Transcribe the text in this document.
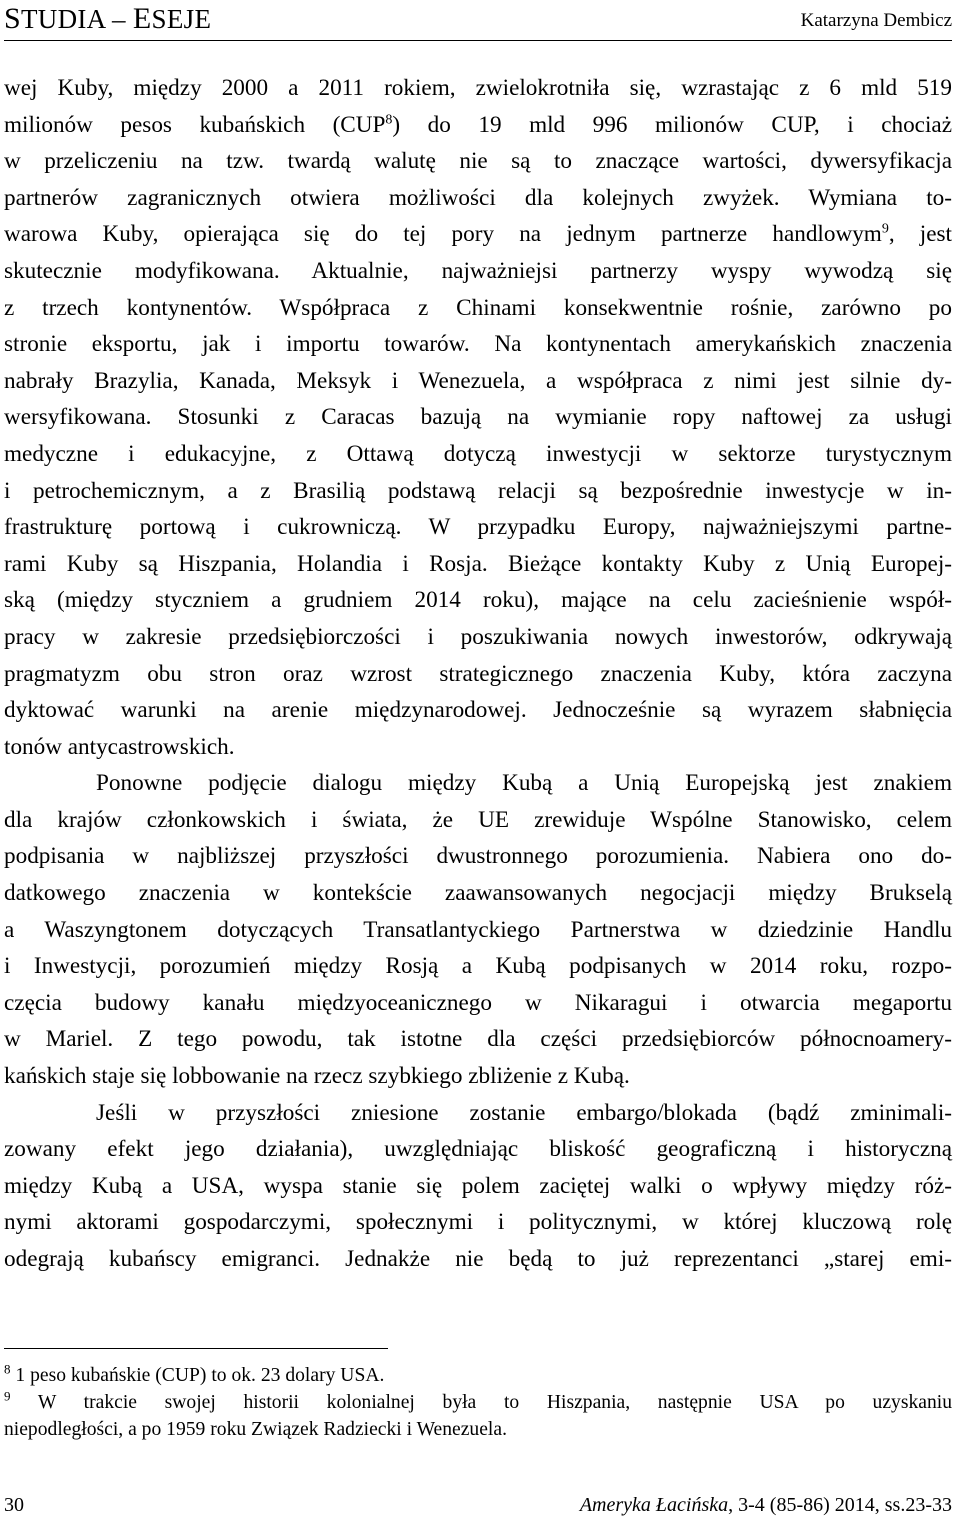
STUDIA – ESEJE	Katarzyna Dembicz

wej Kuby, między 2000 a 2011 rokiem, zwielokrotniła się, wzrastając z 6 mld 519
milionów pesos kubańskich (CUP$^8$) do 19 mld 996 milionów CUP, i chociaż
w przeliczeniu na tzw. twardą walutę nie są to znaczące wartości, dywersyfikacja
partnerów zagranicznych otwiera możliwości dla kolejnych zwyżek. Wymiana to-
warowa Kuby, opierająca się do tej pory na jednym partnerze handlowym$^9$, jest
skutecznie modyfikowana. Aktualnie, najważniejsi partnerzy wyspy wywodzą się
z trzech kontynentów. Współpraca z Chinami konsekwentnie rośnie, zarówno po
stronie eksportu, jak i importu towarów. Na kontynentach amerykańskich znaczenia
nabrały Brazylia, Kanada, Meksyk i Wenezuela, a współpraca z nimi jest silnie dy-
wersyfikowana. Stosunki z Caracas bazują na wymianie ropy naftowej za usługi
medyczne i edukacyjne, z Ottawą dotyczą inwestycji w sektorze turystycznym
i petrochemicznym, a z Brasilią podstawą relacji są bezpośrednie inwestycje w in-
frastrukturę portową i cukrowniczą. W przypadku Europy, najważniejszymi partne-
rami Kuby są Hiszpania, Holandia i Rosja. Bieżące kontakty Kuby z Unią Europej-
ską (między styczniem a grudniem 2014 roku), mające na celu zacieśnienie współ-
pracy w zakresie przedsiębiorczości i poszukiwania nowych inwestorów, odkrywają
pragmatyzm obu stron oraz wzrost strategicznego znaczenia Kuby, która zaczyna
dyktować warunki na arenie międzynarodowej. Jednocześnie są wyrazem słabnięcia
tonów antycastrowskich.

Ponowne podjęcie dialogu między Kubą a Unią Europejską jest znakiem
dla krajów członkowskich i świata, że UE zrewiduje Wspólne Stanowisko, celem
podpisania w najbliższej przyszłości dwustronnego porozumienia. Nabiera ono do-
datkowego znaczenia w kontekście zaawansowanych negocjacji między Brukselą
a Waszyngtonem dotyczących Transatlantyckiego Partnerstwa w dziedzinie Handlu
i Inwestycji, porozumień między Rosją a Kubą podpisanych w 2014 roku, rozpo-
częcia budowy kanału międzyoceanicznego w Nikaragui i otwarcia megaportu
w Mariel. Z tego powodu, tak istotne dla części przedsiębiorców północnoamery-
kańskich staje się lobbowanie na rzecz szybkiego zbliżenie z Kubą.

Jeśli w przyszłości zniesione zostanie embargo/blokada (bądź zminimali-
zowany efekt jego działania), uwzględniając bliskość geograficzną i historyczną
między Kubą a USA, wyspa stanie się polem zaciętej walki o wpływy między róż-
nymi aktorami gospodarczymi, społecznymi i politycznymi, w której kluczową rolę
odegrają kubańscy emigranci. Jednakże nie będą to już reprezentanci „starej emi-

$^8$ 1 peso kubańskie (CUP) to ok. 23 dolary USA.
$^9$ W trakcie swojej historii kolonialnej była to Hiszpania, następnie USA po uzyskaniu
niepodległości, a po 1959 roku Związek Radziecki i Wenezuela.
30	Ameryka Łacińska, 3-4 (85-86) 2014, ss.23-33
